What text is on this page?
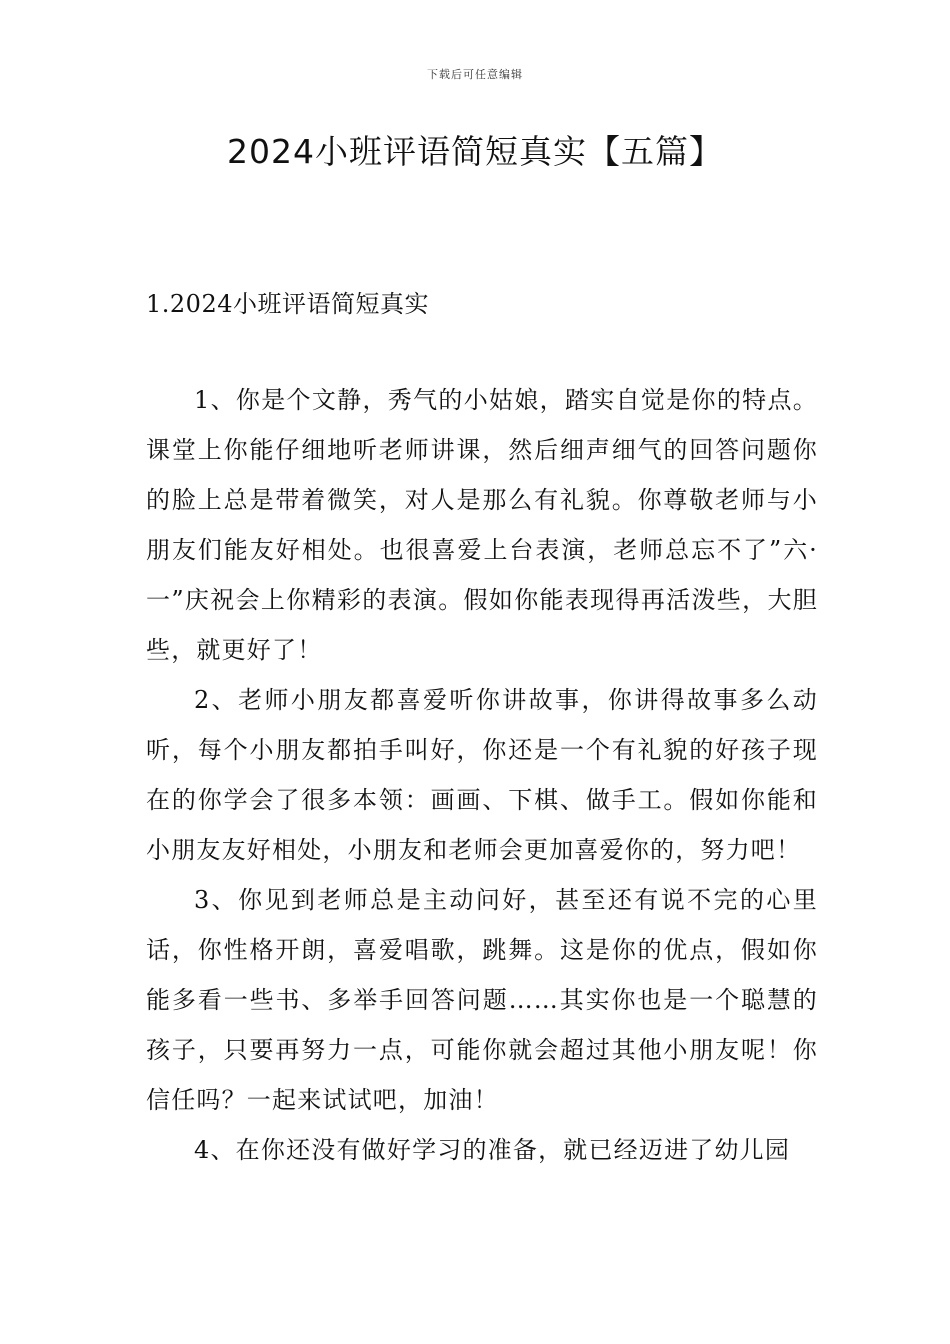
下载后可任意编辑
2024小班评语简短真实【五篇】
1.2024小班评语简短真实

1、你是个文静，秀气的小姑娘，踏实自觉是你的特点。课堂上你能仔细地听老师讲课，然后细声细气的回答问题你的脸上总是带着微笑，对人是那么有礼貌。你尊敬老师与小朋友们能友好相处。也很喜爱上台表演，老师总忘不了”六·一”庆祝会上你精彩的表演。假如你能表现得再活泼些，大胆些，就更好了！

2、老师小朋友都喜爱听你讲故事，你讲得故事多么动听，每个小朋友都拍手叫好，你还是一个有礼貌的好孩子现在的你学会了很多本领：画画、下棋、做手工。假如你能和小朋友友好相处，小朋友和老师会更加喜爱你的，努力吧！

3、你见到老师总是主动问好，甚至还有说不完的心里话，你性格开朗，喜爱唱歌，跳舞。这是你的优点，假如你能多看一些书、多举手回答问题……其实你也是一个聪慧的孩子，只要再努力一点，可能你就会超过其他小朋友呢！你信任吗？一起来试试吧，加油！

4、在你还没有做好学习的准备，就已经迈进了幼儿园
